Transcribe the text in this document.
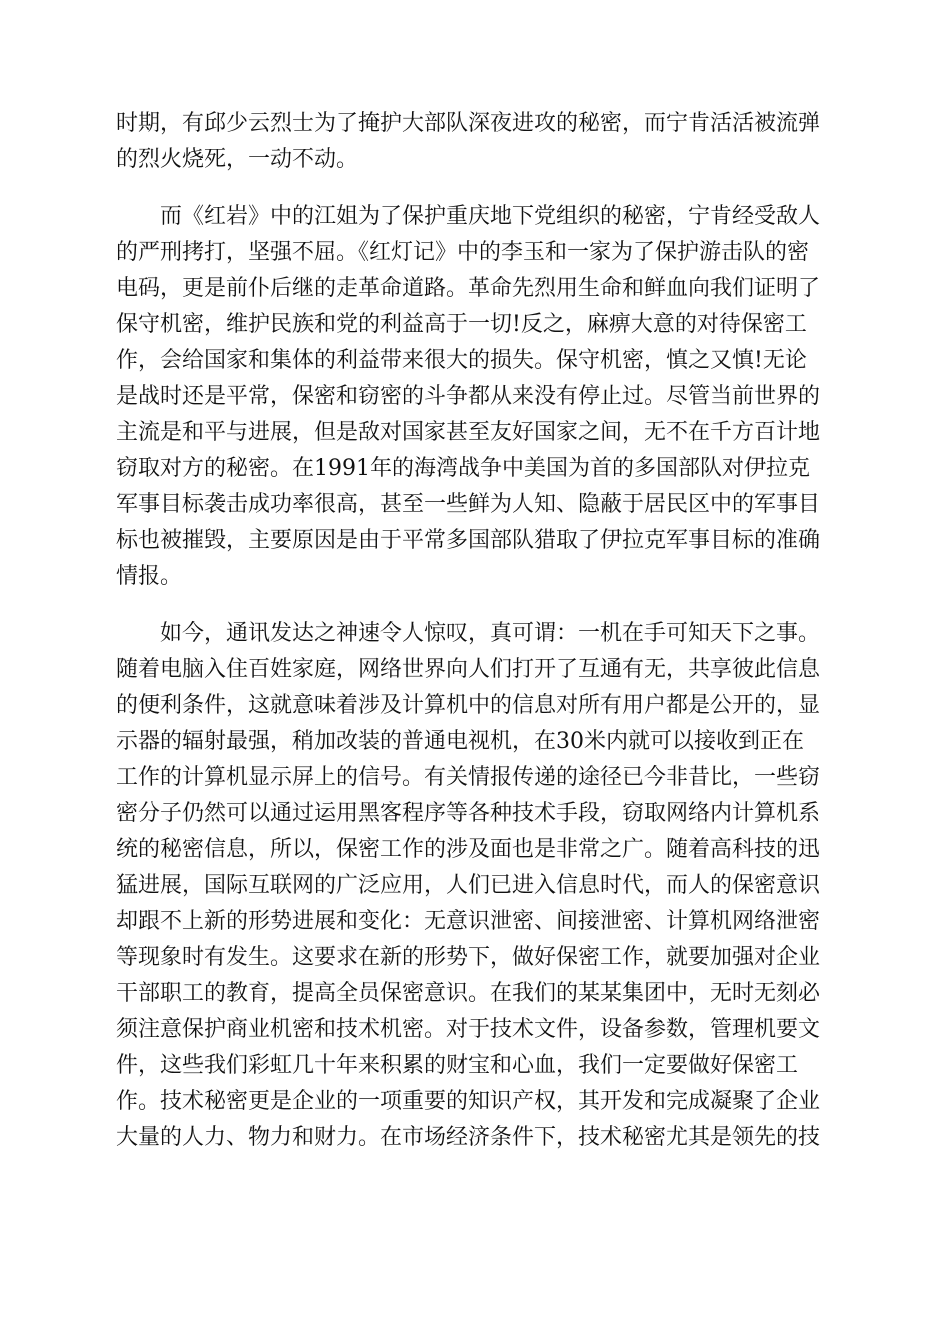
时期，有邱少云烈士为了掩护大部队深夜进攻的秘密，而宁肯活活被流弹
的烈火烧死，一动不动。
　　而《红岩》中的江姐为了保护重庆地下党组织的秘密，宁肯经受敌人
的严刑拷打，坚强不屈。《红灯记》中的李玉和一家为了保护游击队的密
电码，更是前仆后继的走革命道路。革命先烈用生命和鲜血向我们证明了
保守机密，维护民族和党的利益高于一切!反之，麻痹大意的对待保密工
作，会给国家和集体的利益带来很大的损失。保守机密，慎之又慎!无论
是战时还是平常，保密和窃密的斗争都从来没有停止过。尽管当前世界的
主流是和平与进展，但是敌对国家甚至友好国家之间，无不在千方百计地
窃取对方的秘密。在1991年的海湾战争中美国为首的多国部队对伊拉克
军事目标袭击成功率很高，甚至一些鲜为人知、隐蔽于居民区中的军事目
标也被摧毁，主要原因是由于平常多国部队猎取了伊拉克军事目标的准确
情报。
　　如今，通讯发达之神速令人惊叹，真可谓：一机在手可知天下之事。
随着电脑入住百姓家庭，网络世界向人们打开了互通有无，共享彼此信息
的便利条件，这就意味着涉及计算机中的信息对所有用户都是公开的，显
示器的辐射最强，稍加改装的普通电视机，在30米内就可以接收到正在
工作的计算机显示屏上的信号。有关情报传递的途径已今非昔比，一些窃
密分子仍然可以通过运用黑客程序等各种技术手段，窃取网络内计算机系
统的秘密信息，所以，保密工作的涉及面也是非常之广。随着高科技的迅
猛进展，国际互联网的广泛应用，人们已进入信息时代，而人的保密意识
却跟不上新的形势进展和变化：无意识泄密、间接泄密、计算机网络泄密
等现象时有发生。这要求在新的形势下，做好保密工作，就要加强对企业
干部职工的教育，提高全员保密意识。在我们的某某集团中，无时无刻必
须注意保护商业机密和技术机密。对于技术文件，设备参数，管理机要文
件，这些我们彩虹几十年来积累的财宝和心血，我们一定要做好保密工
作。技术秘密更是企业的一项重要的知识产权，其开发和完成凝聚了企业
大量的人力、物力和财力。在市场经济条件下，技术秘密尤其是领先的技
